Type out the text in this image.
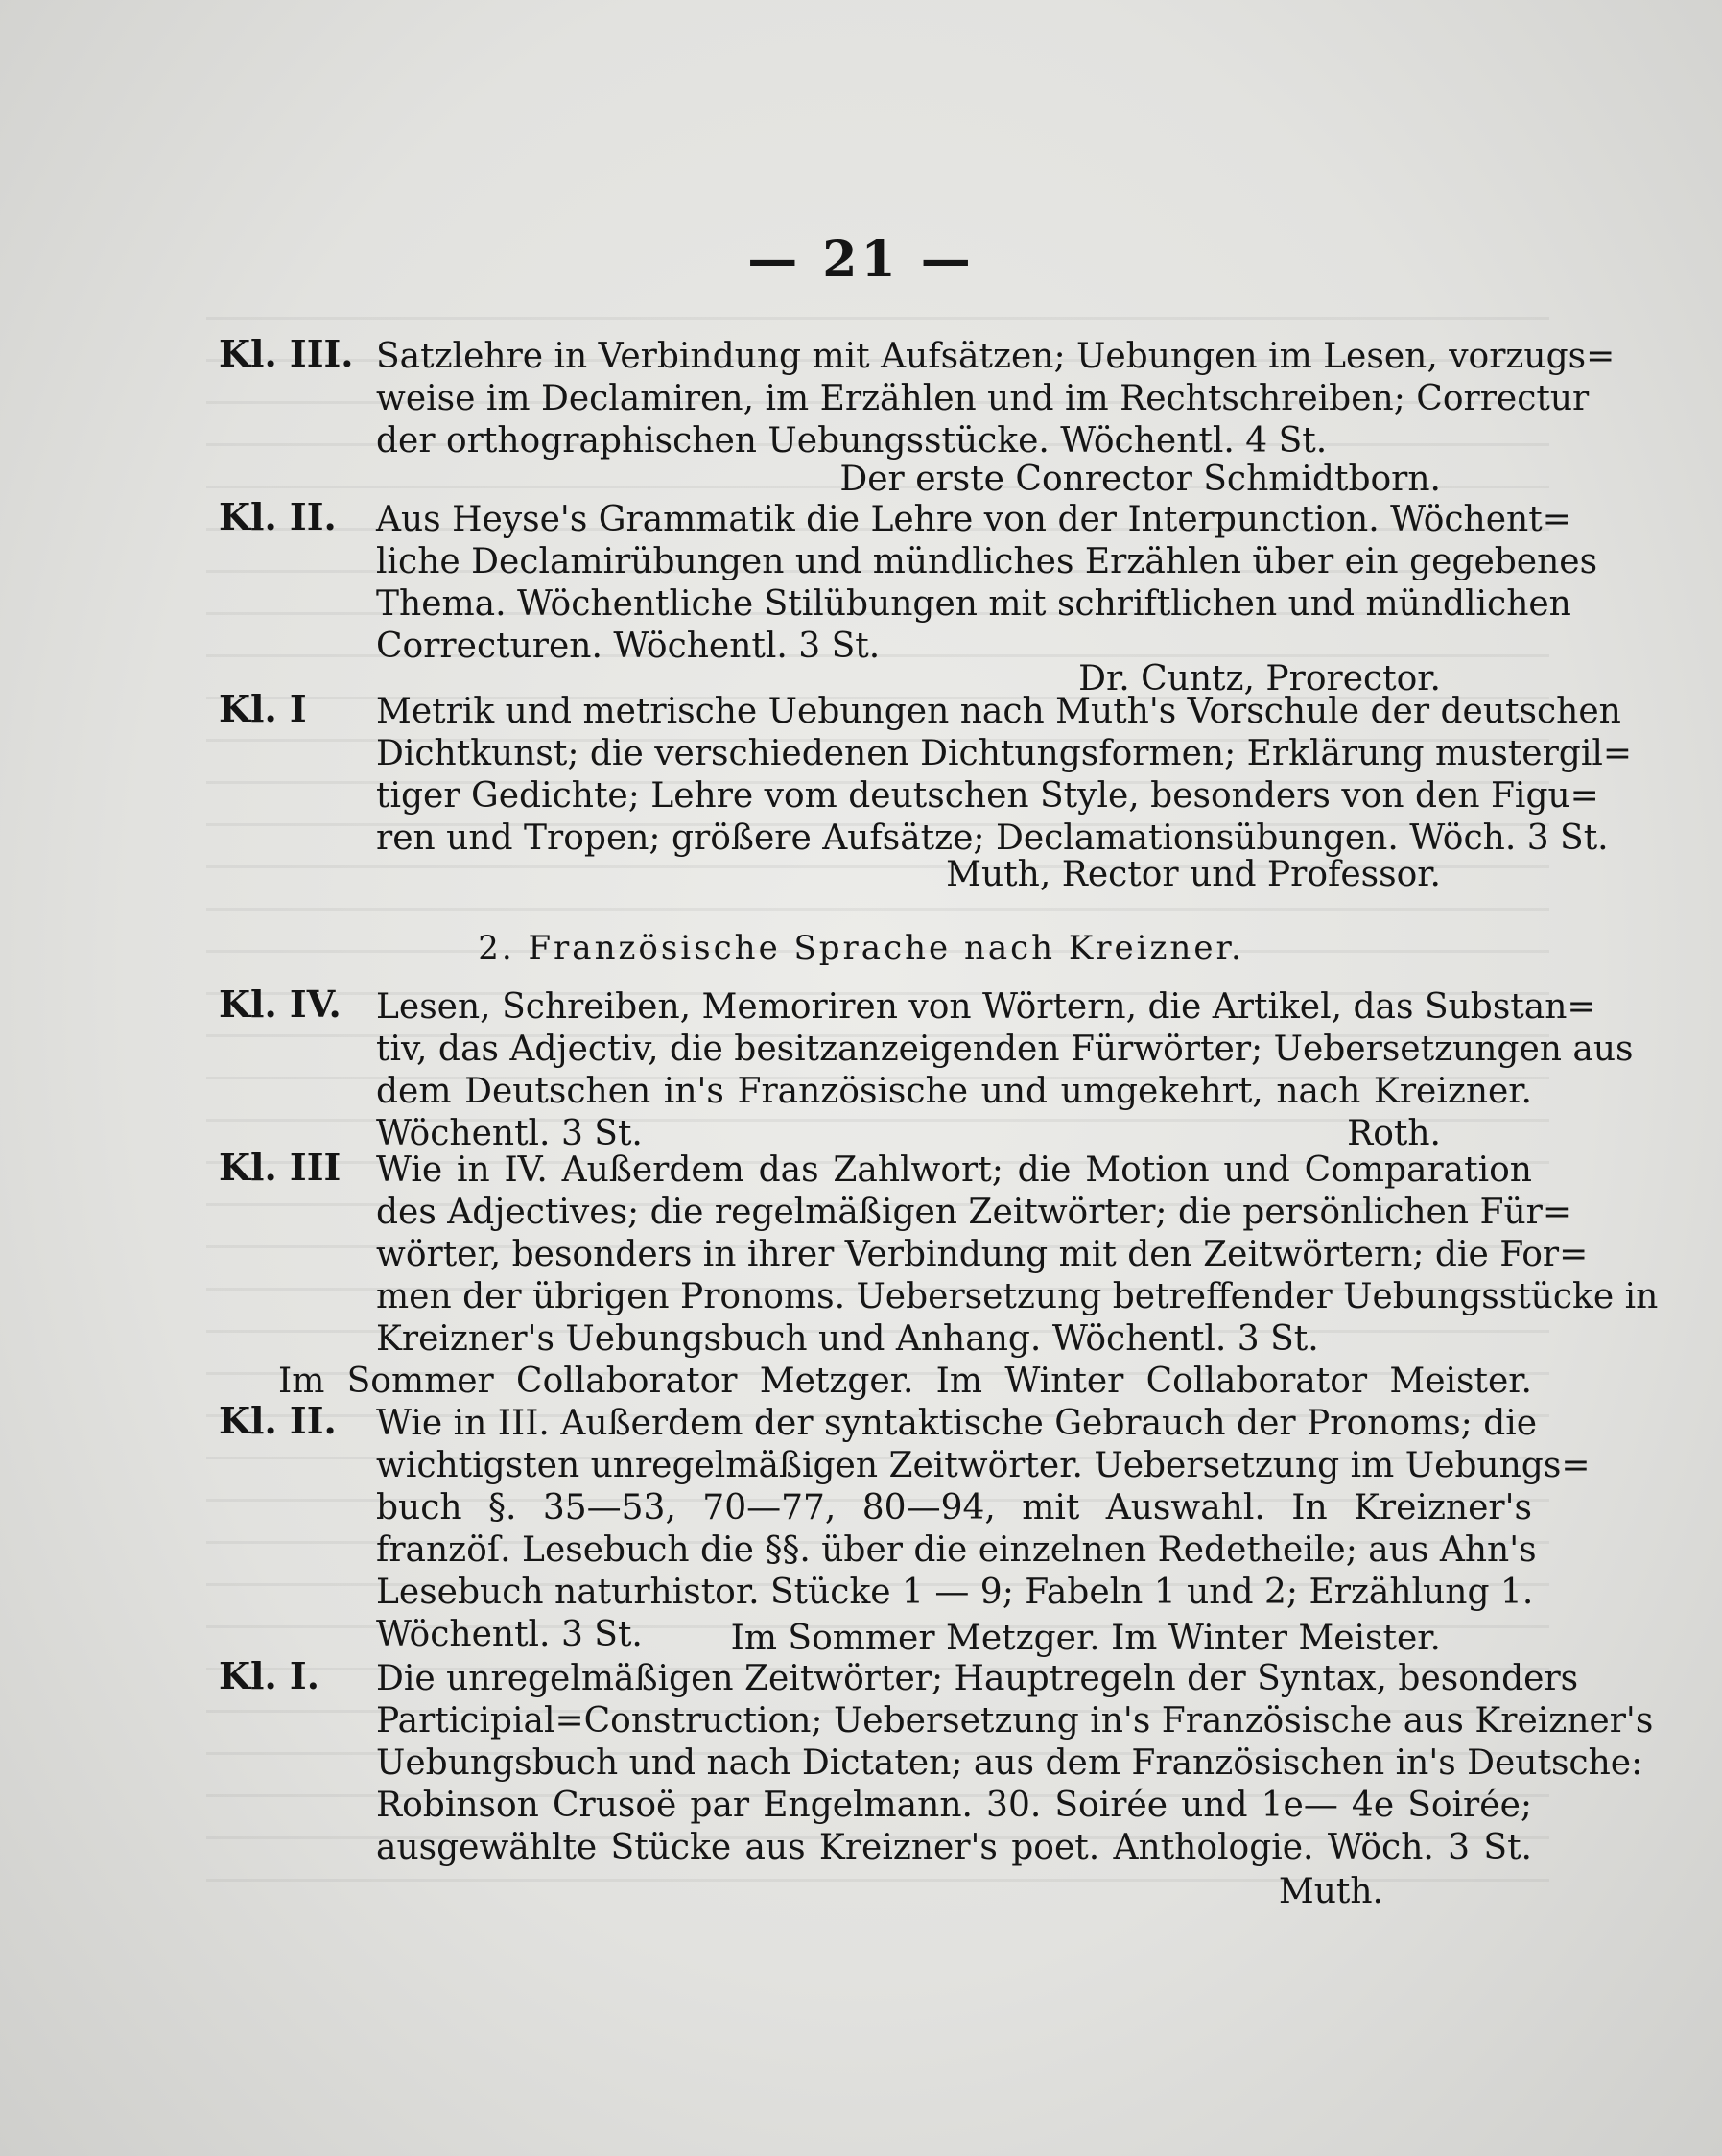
— 21 —
Kl. III. Satzlehre in Verbindung mit Aufsätzen; Uebungen im Lesen, vorzugs=
weise im Declamiren, im Erzählen und im Rechtschreiben; Correctur
der orthographischen Uebungsstücke. Wöchentl. 4 St.
Der erste Conrector Schmidtborn.
Kl. II. Aus Heyse's Grammatik die Lehre von der Interpunction. Wöchent=
liche Declamirübungen und mündliches Erzählen über ein gegebenes
Thema. Wöchentliche Stilübungen mit schriftlichen und mündlichen
Correcturen. Wöchentl. 3 St.
Dr. Cuntz, Prorector.
Kl. I Metrik und metrische Uebungen nach Muth's Vorschule der deutschen
Dichtkunst; die verschiedenen Dichtungsformen; Erklärung mustergil=
tiger Gedichte; Lehre vom deutschen Style, besonders von den Figu=
ren und Tropen; größere Aufsätze; Declamationsübungen. Wöch. 3 St.
Muth, Rector und Professor.
2. Französische Sprache nach Kreizner.
Kl. IV. Lesen, Schreiben, Memoriren von Wörtern, die Artikel, das Substan=
tiv, das Adjectiv, die besitzanzeigenden Fürwörter; Uebersetzungen aus
dem Deutschen in's Französische und umgekehrt, nach Kreizner.
Wöchentl. 3 St.	Roth.
Kl. III Wie in IV. Außerdem das Zahlwort; die Motion und Comparation
des Adjectives; die regelmäßigen Zeitwörter; die persönlichen Für=
wörter, besonders in ihrer Verbindung mit den Zeitwörtern; die For=
men der übrigen Pronoms. Uebersetzung betreffender Uebungsstücke in
Kreizner's Uebungsbuch und Anhang. Wöchentl. 3 St.
Im Sommer Collaborator Metzger. Im Winter Collaborator Meister.
Kl. II. Wie in III. Außerdem der syntaktische Gebrauch der Pronoms; die
wichtigsten unregelmäßigen Zeitwörter. Uebersetzung im Uebungs=
buch §. 35—53, 70—77, 80—94, mit Auswahl. In Kreizner's
franzöſ. Lesebuch die §§. über die einzelnen Redetheile; aus Ahn's
Lesebuch naturhistor. Stücke 1 — 9; Fabeln 1 und 2; Erzählung 1.
Wöchentl. 3 St.	Im Sommer Metzger. Im Winter Meister.
Kl. I. Die unregelmäßigen Zeitwörter; Hauptregeln der Syntax, besonders
Participial=Construction; Uebersetzung in's Französische aus Kreizner's
Uebungsbuch und nach Dictaten; aus dem Französischen in's Deutsche:
Robinson Crusoë par Engelmann. 30. Soirée und 1e— 4e Soirée;
ausgewählte Stücke aus Kreizner's poet. Anthologie. Wöch. 3 St.
Muth.
